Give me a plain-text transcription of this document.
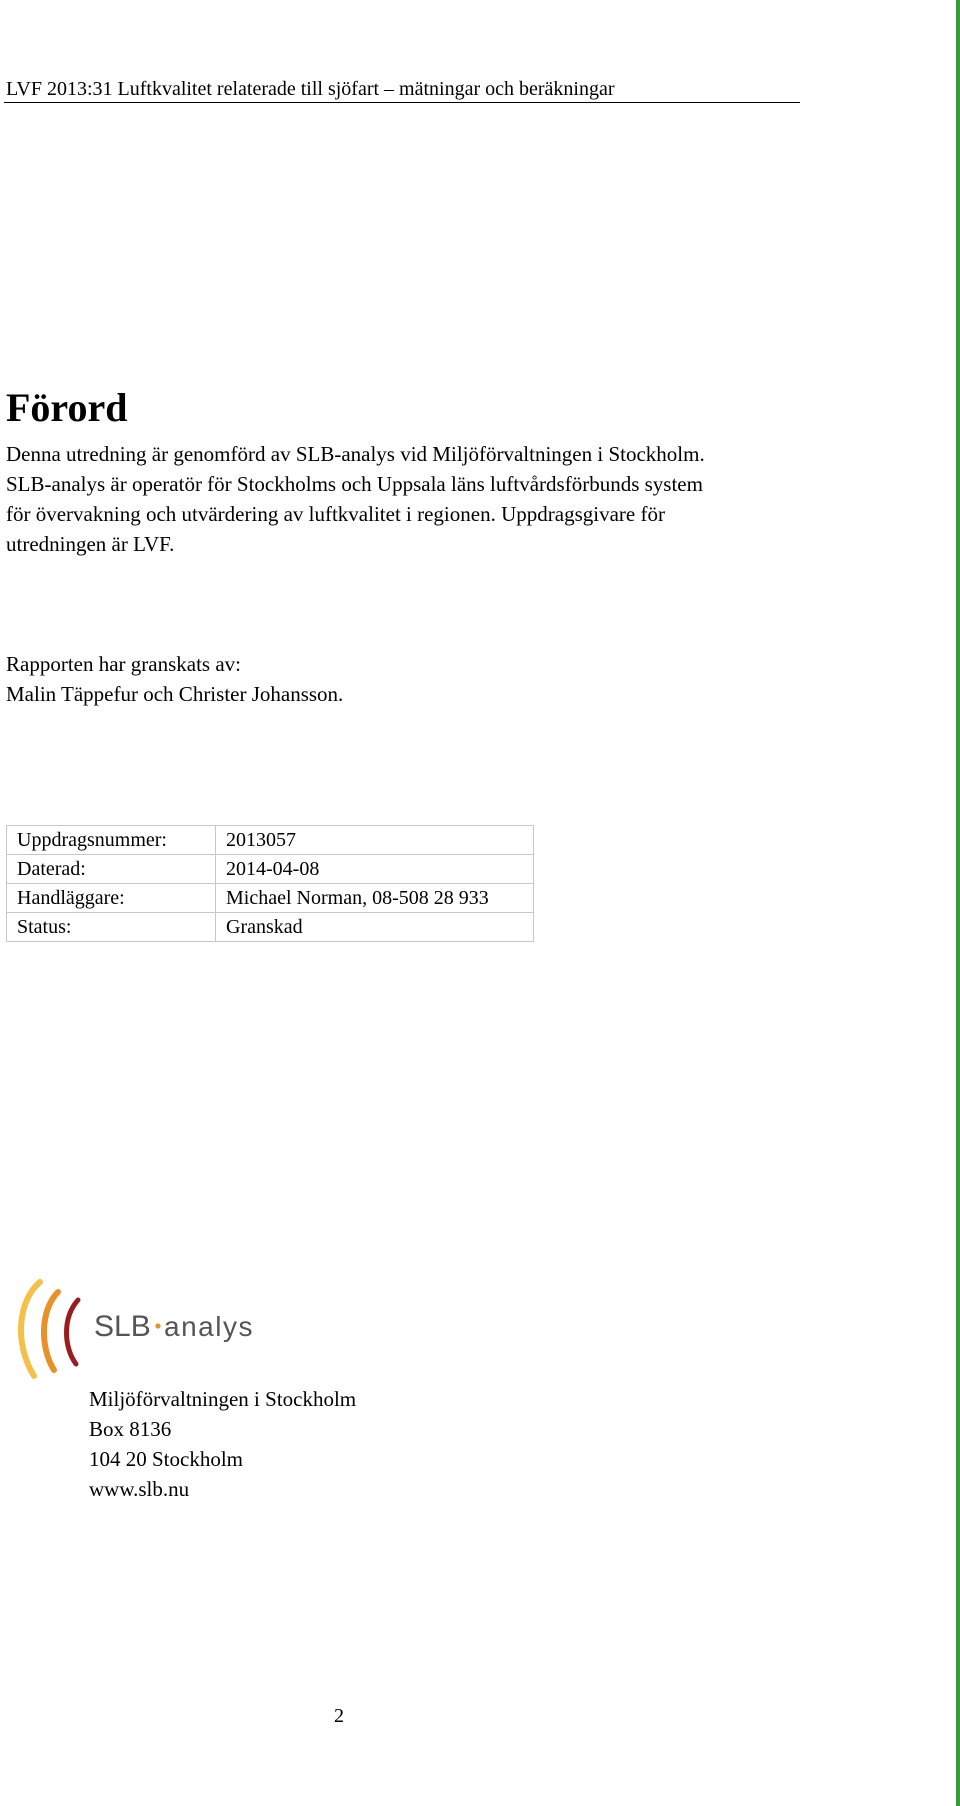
LVF 2013:31 Luftkvalitet relaterade till sjöfart – mätningar och beräkningar
Förord

Denna utredning är genomförd av SLB-analys vid Miljöförvaltningen i Stockholm.
SLB-analys är operatör för Stockholms och Uppsala läns luftvårdsförbunds system
för övervakning och utvärdering av luftkvalitet i regionen. Uppdragsgivare för
utredningen är LVF.

Rapporten har granskats av:
Malin Täppefur och Christer Johansson.

Uppdragsnummer:	2013057
Daterad:	2014-04-08
Handläggare:	Michael Norman, 08-508 28 933
Status:	Granskad
SLB analys

Miljöförvaltningen i Stockholm
Box 8136
104 20 Stockholm
www.slb.nu

2
